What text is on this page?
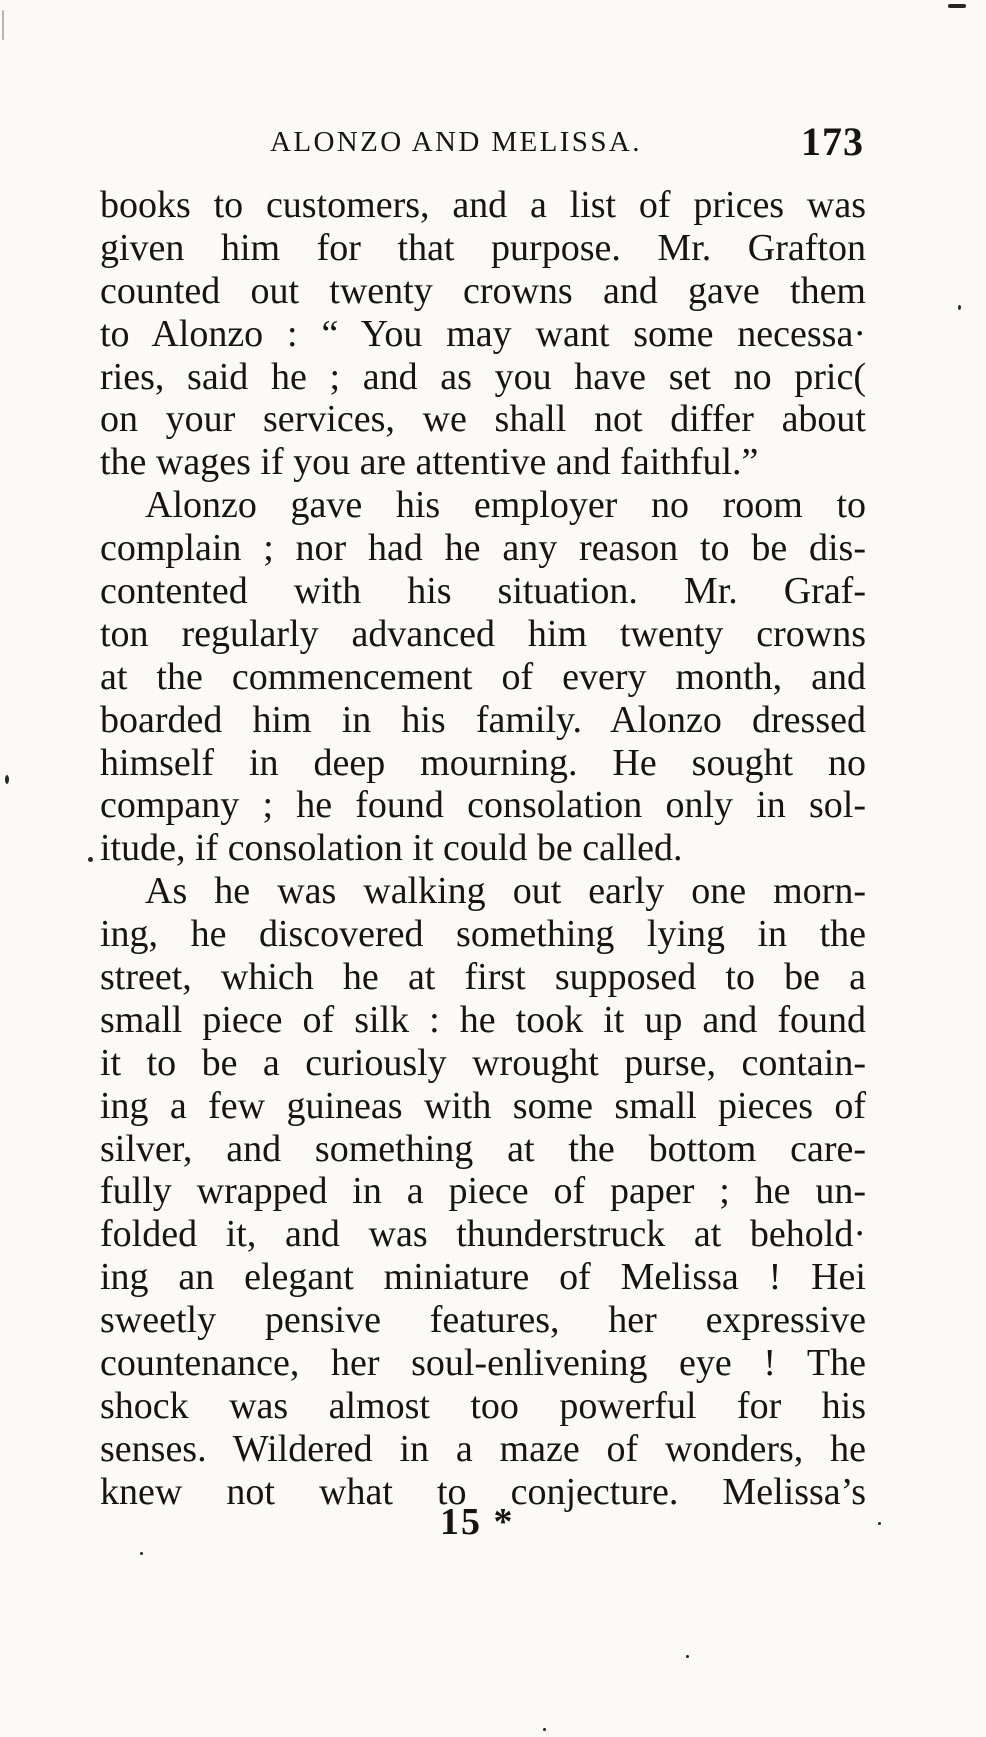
ALONZO AND MELISSA.	173
books to customers, and a list of prices was
given him for that purpose. Mr. Grafton
counted out twenty crowns and gave them
to Alonzo : “ You may want some necessa·
ries, said he ; and as you have set no pric(
on your services, we shall not differ about
the wages if you are attentive and faithful.”
Alonzo gave his employer no room to
complain ; nor had he any reason to be dis-
contented with his situation. Mr. Graf-
ton regularly advanced him twenty crowns
at the commencement of every month, and
boarded him in his family. Alonzo dressed
himself in deep mourning. He sought no
company ; he found consolation only in sol-
itude, if consolation it could be called.
As he was walking out early one morn-
ing, he discovered something lying in the
street, which he at first supposed to be a
small piece of silk : he took it up and found
it to be a curiously wrought purse, contain-
ing a few guineas with some small pieces of
silver, and something at the bottom care-
fully wrapped in a piece of paper ; he un-
folded it, and was thunderstruck at behold·
ing an elegant miniature of Melissa ! Hei
sweetly pensive features, her expressive
countenance, her soul-enlivening eye ! The
shock was almost too powerful for his
senses. Wildered in a maze of wonders, he
knew not what to conjecture. Melissa’s
15 *
